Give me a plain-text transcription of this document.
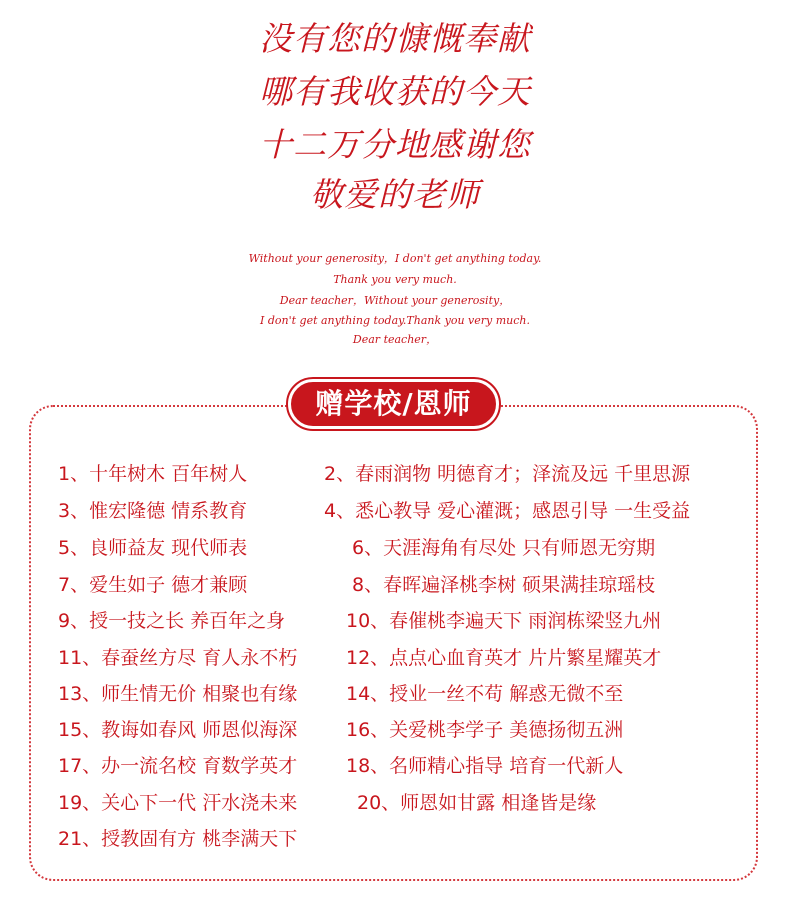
没有您的慷慨奉献
哪有我收获的今天
十二万分地感谢您
敬爱的老师
Without your generosity，I don't get anything today.
Thank you very much.
Dear teacher，Without your generosity，
I don't get anything today.Thank you very much.
Dear teacher，
赠学校/恩师
1、十年树木 百年树人	2、春雨润物 明德育才；泽流及远 千里思源
3、惟宏隆德 情系教育	4、悉心教导 爱心灌溉；感恩引导 一生受益
5、良师益友 现代师表	6、天涯海角有尽处 只有师恩无穷期
7、爱生如子 德才兼顾	8、春晖遍泽桃李树 硕果满挂琼瑶枝
9、授一技之长 养百年之身	10、春催桃李遍天下 雨润栋梁竖九州
11、春蚕丝方尽 育人永不朽	12、点点心血育英才 片片繁星耀英才
13、师生情无价 相聚也有缘	14、授业一丝不苟 解惑无微不至
15、教诲如春风 师恩似海深	16、关爱桃李学子 美德扬彻五洲
17、办一流名校 育数学英才	18、名师精心指导 培育一代新人
19、关心下一代 汗水浇未来	20、师恩如甘露 相逢皆是缘
21、授教固有方 桃李满天下
